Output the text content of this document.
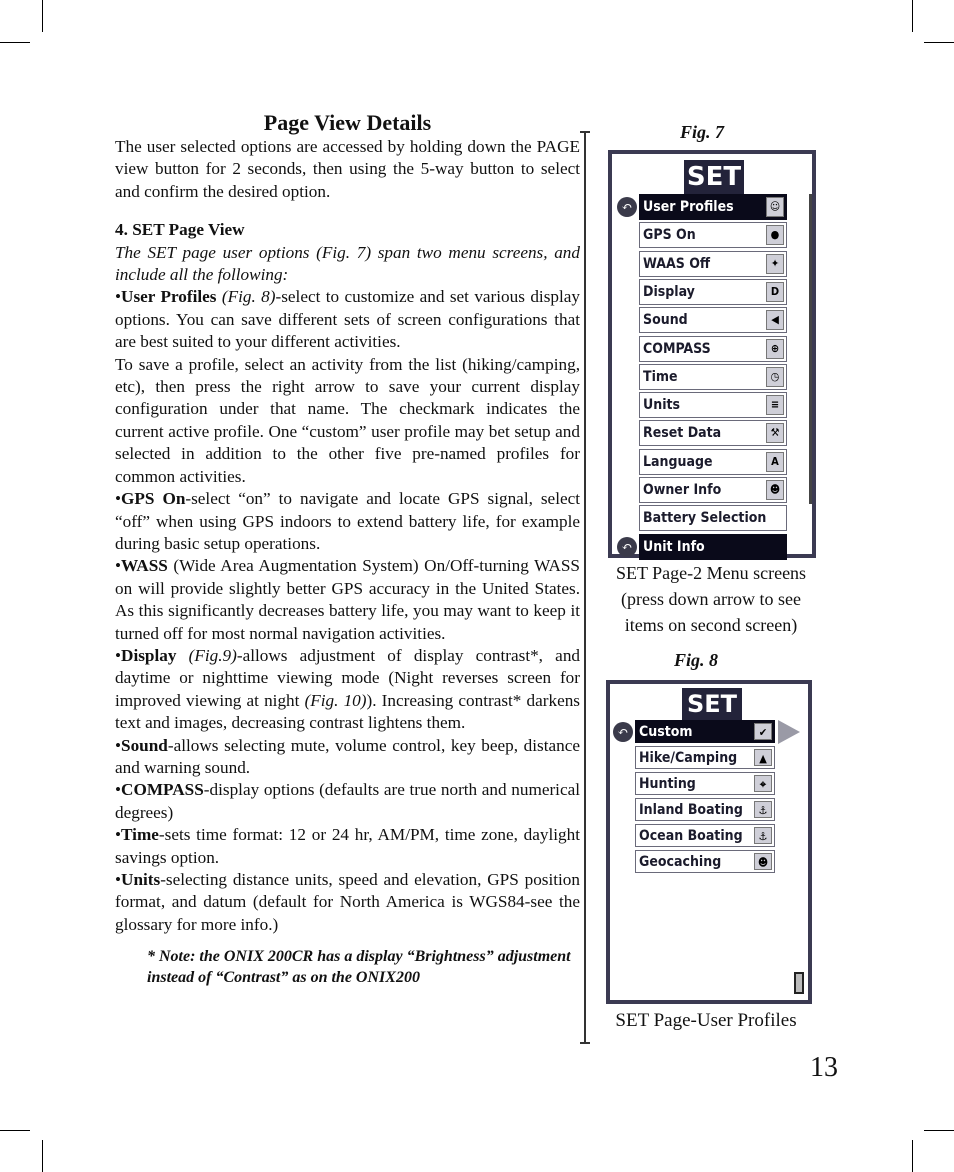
Page View Details

The user selected options are accessed by holding down the PAGE view button for 2 seconds, then using the 5-way button to select and confirm the desired option.

4. SET Page View

The SET page user options (Fig. 7) span two menu screens, and include all the following:

•User Profiles (Fig. 8)-select to customize and set various display options. You can save different sets of screen configurations that are best suited to your different activities.

To save a profile, select an activity from the list (hiking/camping, etc), then press the right arrow to save your current display configuration under that name. The checkmark indicates the current active profile. One “custom” user profile may bet setup and selected in addition to the other five pre-named profiles for common activities.

•GPS On-select “on” to navigate and locate GPS signal, select “off” when using GPS indoors to extend battery life, for example during basic setup operations.

•WASS (Wide Area Augmentation System) On/Off-turning WASS on will provide slightly better GPS accuracy in the United States. As this significantly decreases battery life, you may want to keep it turned off for most normal navigation activities.

•Display (Fig.9)-allows adjustment of display contrast*, and daytime or nighttime viewing mode (Night reverses screen for improved viewing at night (Fig. 10)). Increasing contrast* darkens text and images, decreasing contrast lightens them.

•Sound-allows selecting mute, volume control, key beep, distance and warning sound.

•COMPASS-display options (defaults are true north and numerical degrees)

•Time-sets time format: 12 or 24 hr, AM/PM, time zone, daylight savings option.

•Units-selecting distance units, speed and elevation, GPS position format, and datum (default for North America is WGS84-see the glossary for more info.)

* Note: the ONIX 200CR has a display “Brightness” adjustment instead of “Contrast” as on the ONIX200

Fig. 7
SET
User Profiles	☺
↶
GPS On	●
WAAS Off	✦
Display	D
Sound	◀
COMPASS	⊕
Time	◷
Units	≡
Reset Data	⚒
Language	A
Owner Info	☻
Battery Selection
Unit Info
↶
SET Page-2 Menu screens
(press down arrow to see
items on second screen)
Fig. 8
SET
Custom	✔
↶
Hike/Camping	▲
Hunting	⌖
Inland Boating	⚓
Ocean Boating	⚓
Geocaching	☻
SET Page-User Profiles
13
